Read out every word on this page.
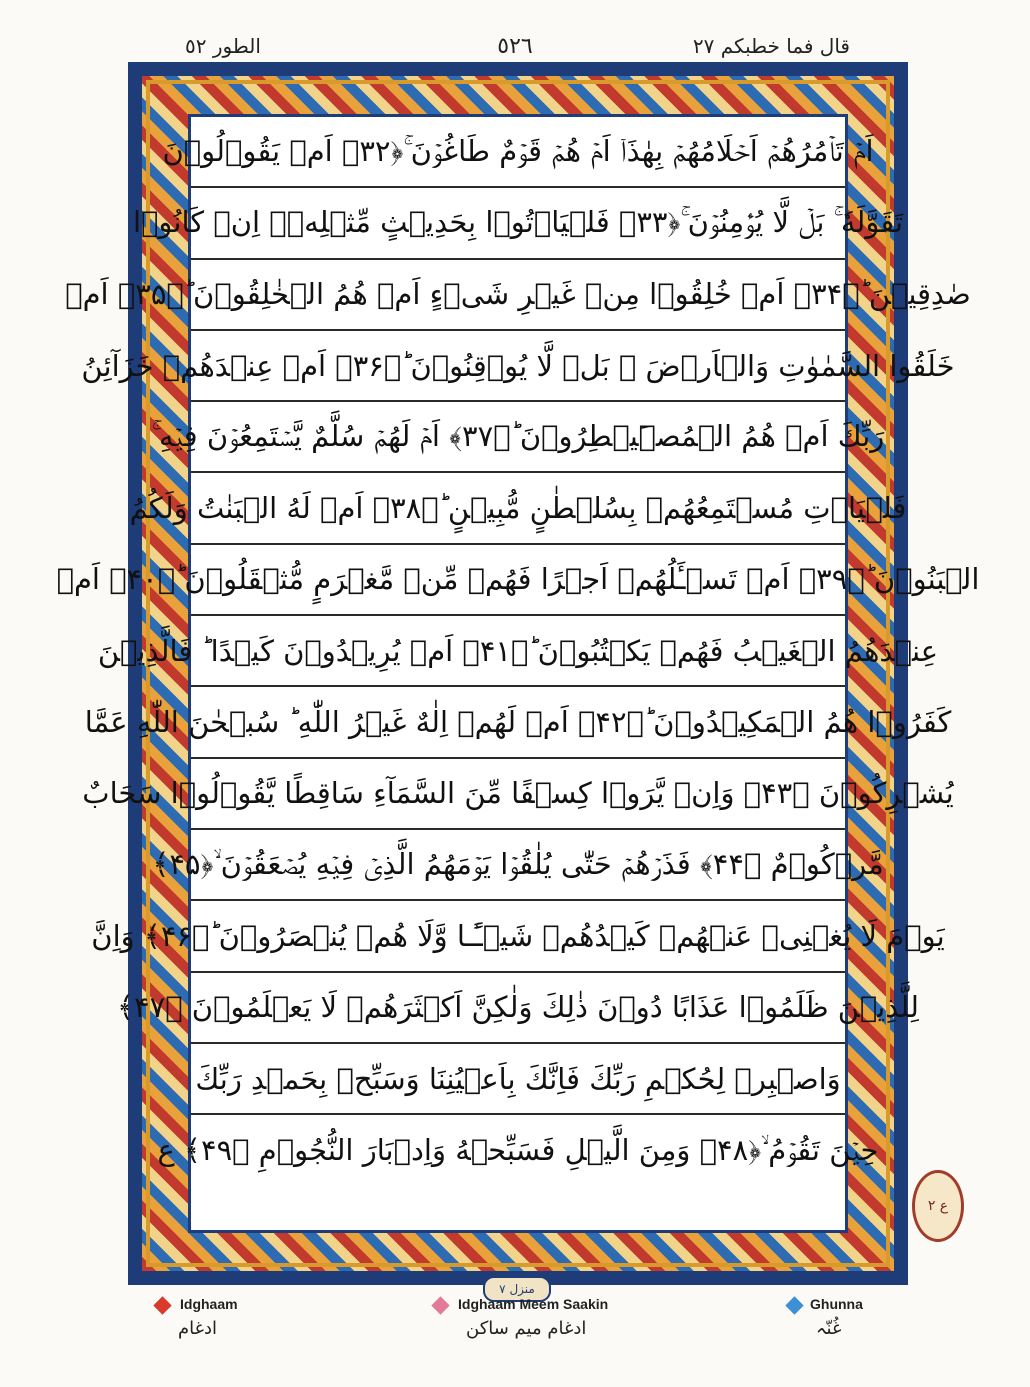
الطور ٥٢	٥٢٦	قال فما خطبکم ٢٧
اَمۡ تَاۡمُرُهُمۡ اَحۡلَامُهُمۡ بِهٰذَاۤ اَمۡ هُمۡ قَوۡمٌ طَاغُوۡنَ ۚ﴿۳۲﴾ اَمۡ يَقُوۡلُوۡنَ
تَقَوَّلَهٗ ۚ بَلۡ لَّا يُؤۡمِنُوۡنَ ۚ﴿۳۳﴾ فَلۡيَاۡتُوۡا بِحَدِيۡثٍ مِّثۡلِهٖۤ اِنۡ كَانُوۡا
صٰدِقِيۡنَ ؕ﴿۳۴﴾ اَمۡ خُلِقُوۡا مِنۡ غَيۡرِ شَىۡءٍ اَمۡ هُمُ الۡخٰلِقُوۡنَ ؕ﴿۳۵﴾ اَمۡ
خَلَقُوا السَّمٰوٰتِ وَالۡاَرۡضَ ۚ بَلۡ لَّا يُوۡقِنُوۡنَ ؕ﴿۳۶﴾ اَمۡ عِنۡدَهُمۡ خَزَآئِنُ
رَبِّكَ اَمۡ هُمُ الۡمُصَۜيۡطِرُوۡنَ ؕ﴿۳۷﴾ اَمۡ لَهُمۡ سُلَّمٌ يَّسۡتَمِعُوۡنَ فِيۡهِ ۚ
فَلۡيَاۡتِ مُسۡتَمِعُهُمۡ بِسُلۡطٰنٍ مُّبِيۡنٍ ؕ﴿۳۸﴾ اَمۡ لَهُ الۡبَنٰتُ وَلَكُمُ
الۡبَنُوۡنَ ؕ﴿۳۹﴾ اَمۡ تَسۡـَٔلُهُمۡ اَجۡرًا فَهُمۡ مِّنۡ مَّغۡرَمٍ مُّثۡقَلُوۡنَ ؕ﴿۴۰﴾ اَمۡ
عِنۡدَهُمُ الۡغَيۡبُ فَهُمۡ يَكۡتُبُوۡنَ ؕ﴿۴۱﴾ اَمۡ يُرِيۡدُوۡنَ كَيۡدًا ؕ فَالَّذِيۡنَ
كَفَرُوۡا هُمُ الۡمَكِيۡدُوۡنَ ؕ﴿۴۲﴾ اَمۡ لَهُمۡ اِلٰهٌ غَيۡرُ اللّٰهِ ؕ سُبۡحٰنَ اللّٰهِ عَمَّا
يُشۡرِكُوۡنَ ﴿۴۳﴾ وَاِنۡ يَّرَوۡا كِسۡفًا مِّنَ السَّمَآءِ سَاقِطًا يَّقُوۡلُوۡا سَحَابٌ
مَّرۡكُوۡمٌ ﴿۴۴﴾ فَذَرۡهُمۡ حَتّٰى يُلٰقُوۡا يَوۡمَهُمُ الَّذِىۡ فِيۡهِ يُصۡعَقُوۡنَ ۙ﴿۴۵﴾
يَوۡمَ لَا يُغۡنِىۡ عَنۡهُمۡ كَيۡدُهُمۡ شَيۡـًٔـا وَّلَا هُمۡ يُنۡصَرُوۡنَ ؕ﴿۴۶﴾ وَاِنَّ
لِلَّذِيۡنَ ظَلَمُوۡا عَذَابًا دُوۡنَ ذٰلِكَ وَلٰكِنَّ اَكۡثَرَهُمۡ لَا يَعۡلَمُوۡنَ ﴿۴۷﴾
وَاصۡبِرۡ لِحُكۡمِ رَبِّكَ فَاِنَّكَ بِاَعۡيُنِنَا وَسَبِّحۡ بِحَمۡدِ رَبِّكَ
حِيۡنَ تَقُوۡمُ ۙ﴿۴۸﴾ وَمِنَ الَّيۡلِ فَسَبِّحۡهُ وَاِدۡبَارَ النُّجُوۡمِ ﴿۴۹﴾ ع
ع ٢
منزل ٧
Idghaam
ادغام
Idghaam Meem Saakin
ادغام میم ساکن
Ghunna
غُنّہ
